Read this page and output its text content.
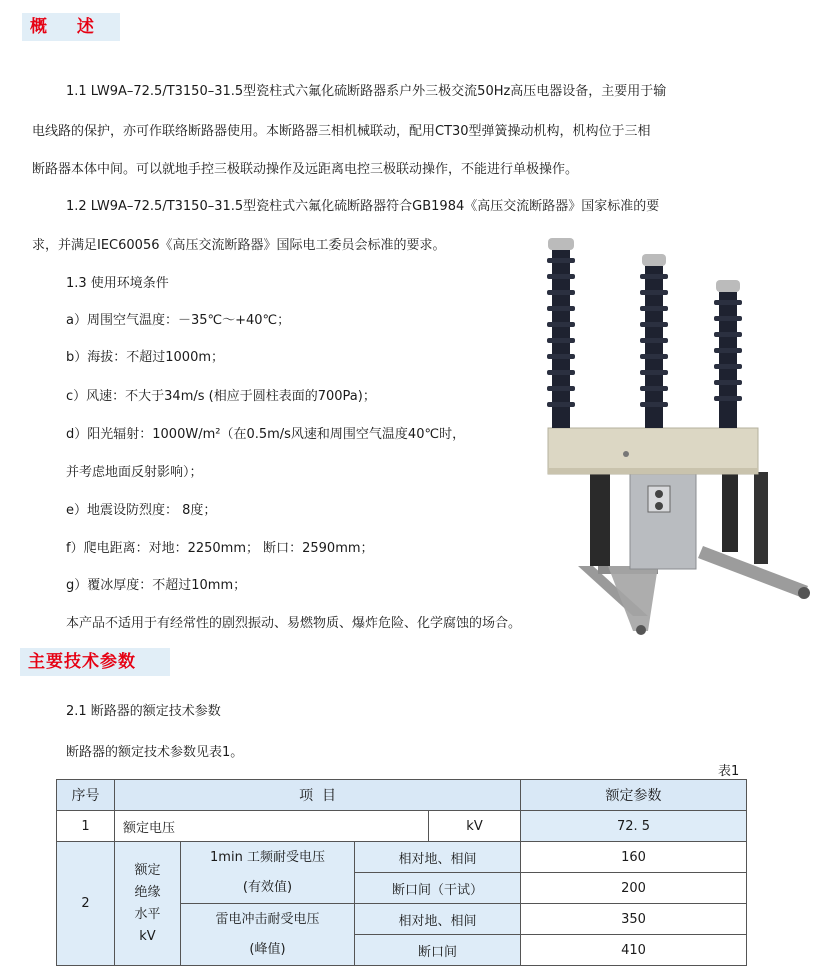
概 述
1.1 LW9A–72.5/T3150–31.5型瓷柱式六氟化硫断路器系户外三极交流50Hz高压电器设备，主要用于输
电线路的保护，亦可作联络断路器使用。本断路器三相机械联动，配用CT30型弹簧操动机构，机构位于三相
断路器本体中间。可以就地手控三极联动操作及远距离电控三极联动操作，不能进行单极操作。
1.2 LW9A–72.5/T3150–31.5型瓷柱式六氟化硫断路器符合GB1984《高压交流断路器》国家标准的要
求，并满足IEC60056《高压交流断路器》国际电工委员会标准的要求。
1.3 使用环境条件
a）周围空气温度：－35℃～+40℃；
b）海拔：不超过1000m；
c）风速：不大于34m/s (相应于圆柱表面的700Pa)；
d）阳光辐射：1000W/m²（在0.5m/s风速和周围空气温度40℃时，
并考虑地面反射影响）；
e）地震设防烈度： 8度；
f）爬电距离：对地：2250mm； 断口：2590mm；
g）覆冰厚度：不超过10mm；
本产品不适用于有经常性的剧烈振动、易燃物质、爆炸危险、化学腐蚀的场合。
主要技术参数
2.1 断路器的额定技术参数
断路器的额定技术参数见表1。
表1
序号	项  目				额定参数
1	额定电压			kV	72. 5
2	额定
绝缘
水平
kV	1min 工频耐受电压
(有效值)	相对地、相间		160
			断口间（干试）		200

		雷电冲击耐受电压
(峰值)	相对地、相间		350
			断口间		410
